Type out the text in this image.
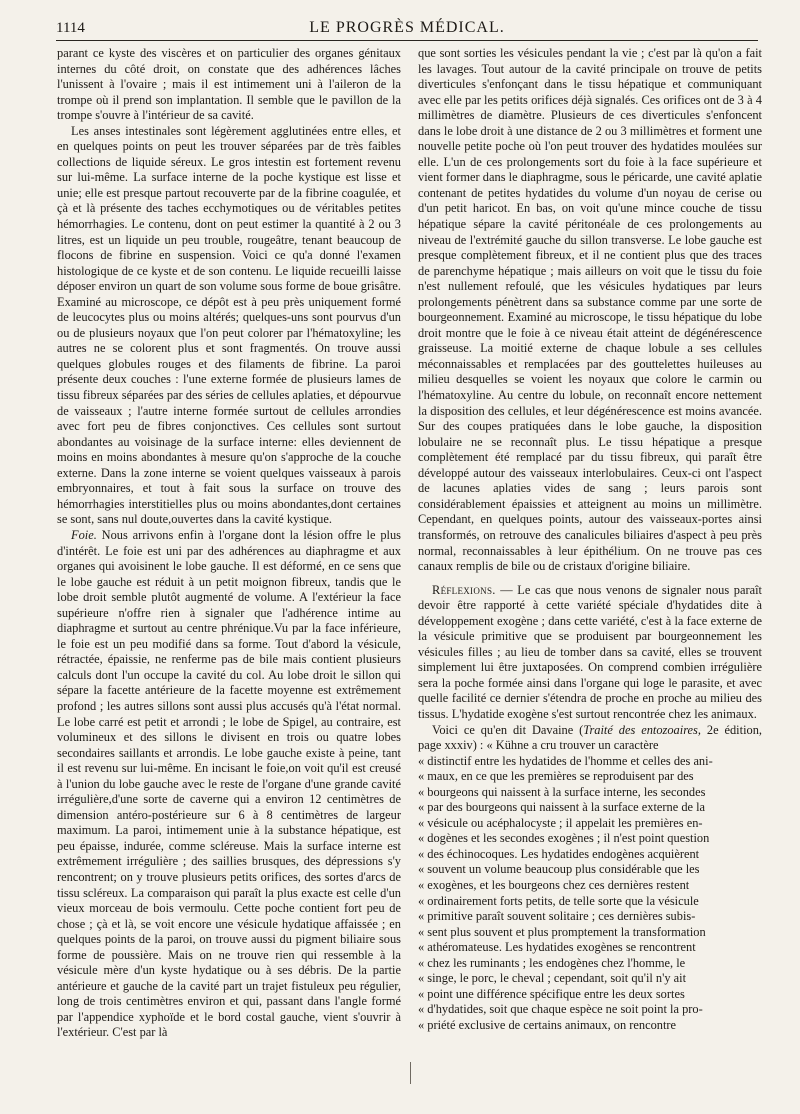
1114	LE PROGRÈS MÉDICAL.

parant ce kyste des viscères et on particulier des organes génitaux internes du côté droit, on constate que des adhérences lâches l'unissent à l'ovaire ; mais il est intimement uni à l'aileron de la trompe où il prend son implantation. Il semble que le pavillon de la trompe s'ouvre à l'intérieur de sa cavité.

Les anses intestinales sont légèrement agglutinées entre elles, et en quelques points on peut les trouver séparées par de très faibles collections de liquide séreux. Le gros intestin est fortement revenu sur lui-même. La surface interne de la poche kystique est lisse et unie; elle est presque partout recouverte par de la fibrine coagulée, et çà et là présente des taches ecchymotiques ou de véritables petites hémorrhagies. Le contenu, dont on peut estimer la quantité à 2 ou 3 litres, est un liquide un peu trouble, rougeâtre, tenant beaucoup de flocons de fibrine en suspension. Voici ce qu'a donné l'examen histologique de ce kyste et de son contenu. Le liquide recueilli laisse déposer environ un quart de son volume sous forme de boue grisâtre. Examiné au microscope, ce dépôt est à peu près uniquement formé de leucocytes plus ou moins altérés; quelques-uns sont pourvus d'un ou de plusieurs noyaux que l'on peut colorer par l'hématoxyline; les autres ne se colorent plus et sont fragmentés. On trouve aussi quelques globules rouges et des filaments de fibrine. La paroi présente deux couches : l'une externe formée de plusieurs lames de tissu fibreux séparées par des séries de cellules aplaties, et dépourvue de vaisseaux ; l'autre interne formée surtout de cellules arrondies avec fort peu de fibres conjonctives. Ces cellules sont surtout abondantes au voisinage de la surface interne: elles deviennent de moins en moins abondantes à mesure qu'on s'approche de la couche externe. Dans la zone interne se voient quelques vaisseaux à parois embryonnaires, et tout à fait sous la surface on trouve des hémorrhagies interstitielles plus ou moins abondantes,dont certaines se sont, sans nul doute,ouvertes dans la cavité kystique.

Foie. Nous arrivons enfin à l'organe dont la lésion offre le plus d'intérêt. Le foie est uni par des adhérences au diaphragme et aux organes qui avoisinent le lobe gauche. Il est déformé, en ce sens que le lobe gauche est réduit à un petit moignon fibreux, tandis que le lobe droit semble plutôt augmenté de volume. A l'extérieur la face supérieure n'offre rien à signaler que l'adhérence intime au diaphragme et surtout au centre phrénique.Vu par la face inférieure, le foie est un peu modifié dans sa forme. Tout d'abord la vésicule, rétractée, épaissie, ne renferme pas de bile mais contient plusieurs calculs dont l'un occupe la cavité du col. Au lobe droit le sillon qui sépare la facette antérieure de la facette moyenne est extrêmement profond ; les autres sillons sont aussi plus accusés qu'à l'état normal. Le lobe carré est petit et arrondi ; le lobe de Spigel, au contraire, est volumineux et des sillons le divisent en trois ou quatre lobes secondaires saillants et arrondis. Le lobe gauche existe à peine, tant il est revenu sur lui-même. En incisant le foie,on voit qu'il est creusé à l'union du lobe gauche avec le reste de l'organe d'une grande cavité irrégulière,d'une sorte de caverne qui a environ 12 centimètres de dimension antéro-postérieure sur 6 à 8 centimètres de largeur maximum. La paroi, intimement unie à la substance hépatique, est peu épaisse, indurée, comme scléreuse. Mais la surface interne est extrêmement irrégulière ; des saillies brusques, des dépressions s'y rencontrent; on y trouve plusieurs petits orifices, des sortes d'arcs de tissu scléreux. La comparaison qui paraît la plus exacte est celle d'un vieux morceau de bois vermoulu. Cette poche contient fort peu de chose ; çà et là, se voit encore une vésicule hydatique affaissée ; en quelques points de la paroi, on trouve aussi du pigment biliaire sous forme de poussière. Mais on ne trouve rien qui ressemble à la vésicule mère d'un kyste hydatique ou à ses débris. De la partie antérieure et gauche de la cavité part un trajet fistuleux peu régulier, long de trois centimètres environ et qui, passant dans l'angle formé par l'appendice xyphoïde et le bord costal gauche, vient s'ouvrir à l'extérieur. C'est par là

que sont sorties les vésicules pendant la vie ; c'est par là qu'on a fait les lavages. Tout autour de la cavité principale on trouve de petits diverticules s'enfonçant dans le tissu hépatique et communiquant avec elle par les petits orifices déjà signalés. Ces orifices ont de 3 à 4 millimètres de diamètre. Plusieurs de ces diverticules s'enfoncent dans le lobe droit à une distance de 2 ou 3 millimètres et forment une nouvelle petite poche où l'on peut trouver des hydatides moulées sur elle. L'un de ces prolongements sort du foie à la face supérieure et vient former dans le diaphragme, sous le péricarde, une cavité aplatie contenant de petites hydatides du volume d'un noyau de cerise ou d'un petit haricot. En bas, on voit qu'une mince couche de tissu hépatique sépare la cavité péritonéale de ces prolongements au niveau de l'extrémité gauche du sillon transverse. Le lobe gauche est presque complètement fibreux, et il ne contient plus que des traces de parenchyme hépatique ; mais ailleurs on voit que le tissu du foie n'est nullement refoulé, que les vésicules hydatiques par leurs prolongements pénètrent dans sa substance comme par une sorte de bourgeonnement. Examiné au microscope, le tissu hépatique du lobe droit montre que le foie à ce niveau était atteint de dégénérescence graisseuse. La moitié externe de chaque lobule a ses cellules méconnaissables et remplacées par des gouttelettes huileuses au milieu desquelles se voient les noyaux que colore le carmin ou l'hématoxyline. Au centre du lobule, on reconnaît encore nettement la disposition des cellules, et leur dégénérescence est moins avancée. Sur des coupes pratiquées dans le lobe gauche, la disposition lobulaire ne se reconnaît plus. Le tissu hépatique a presque complètement été remplacé par du tissu fibreux, qui paraît être développé autour des vaisseaux interlobulaires. Ceux-ci ont l'aspect de lacunes aplaties vides de sang ; leurs parois sont considérablement épaissies et atteignent au moins un millimètre. Cependant, en quelques points, autour des vaisseaux-portes ainsi transformés, on retrouve des canalicules biliaires d'aspect à peu près normal, reconnaissables à leur épithélium. On ne trouve pas ces canaux remplis de bile ou de cristaux d'origine biliaire.

Réflexions. — Le cas que nous venons de signaler nous paraît devoir être rapporté à cette variété spéciale d'hydatides dite à développement exogène ; dans cette variété, c'est à la face externe de la vésicule primitive que se produisent par bourgeonnement les vésicules filles ; au lieu de tomber dans sa cavité, elles se trouvent simplement lui être juxtaposées. On comprend combien irrégulière sera la poche formée ainsi dans l'organe qui loge le parasite, et avec quelle facilité ce dernier s'étendra de proche en proche au milieu des tissus. L'hydatide exogène s'est surtout rencontrée chez les animaux.

Voici ce qu'en dit Davaine (Traité des entozoaires, 2e édition, page xxxiv) : « Kühne a cru trouver un caractère

« distinctif entre les hydatides de l'homme et celles des ani-
« maux, en ce que les premières se reproduisent par des
« bourgeons qui naissent à la surface interne, les secondes
« par des bourgeons qui naissent à la surface externe de la
« vésicule ou acéphalocyste ; il appelait les premières en-
« dogènes et les secondes exogènes ; il n'est point question
« des échinocoques. Les hydatides endogènes acquièrent
« souvent un volume beaucoup plus considérable que les
« exogènes, et les bourgeons chez ces dernières restent
« ordinairement forts petits, de telle sorte que la vésicule
« primitive paraît souvent solitaire ; ces dernières subis-
« sent plus souvent et plus promptement la transformation
« athéromateuse. Les hydatides exogènes se rencontrent
« chez les ruminants ; les endogènes chez l'homme, le
« singe, le porc, le cheval ; cependant, soit qu'il n'y ait
« point une différence spécifique entre les deux sortes
« d'hydatides, soit que chaque espèce ne soit point la pro-
« priété exclusive de certains animaux, on rencontre
